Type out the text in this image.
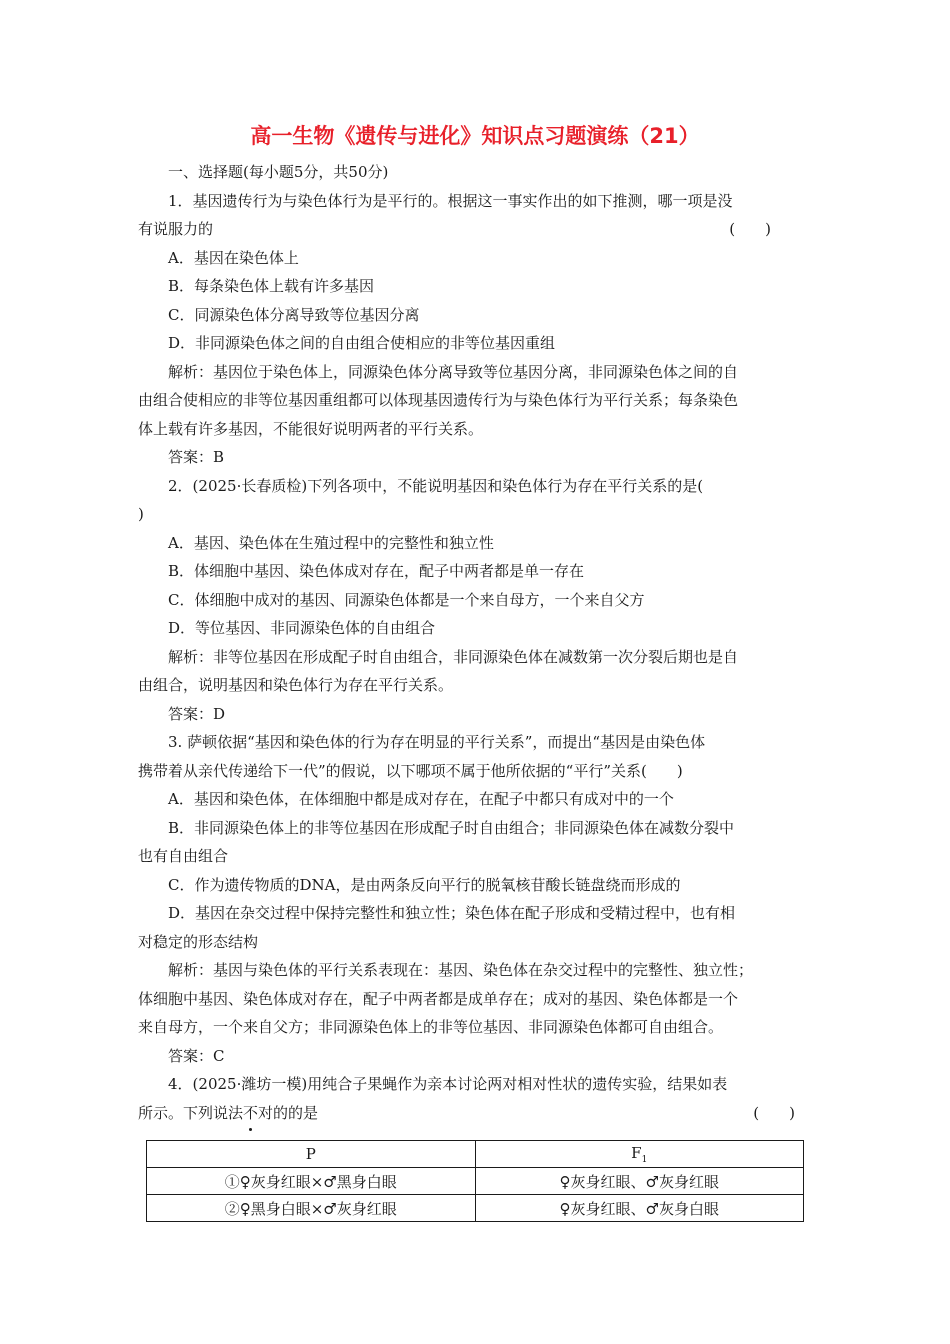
高一生物《遗传与进化》知识点习题演练（21）

一、选择题(每小题5分，共50分)

1．基因遗传行为与染色体行为是平行的。根据这一事实作出的如下推测，哪一项是没

有说服力的	(　　)

A．基因在染色体上

B．每条染色体上载有许多基因

C．同源染色体分离导致等位基因分离

D．非同源染色体之间的自由组合使相应的非等位基因重组

解析：基因位于染色体上，同源染色体分离导致等位基因分离，非同源染色体之间的自

由组合使相应的非等位基因重组都可以体现基因遗传行为与染色体行为平行关系；每条染色

体上载有许多基因，不能很好说明两者的平行关系。

答案：B

2．(2025·长春质检)下列各项中，不能说明基因和染色体行为存在平行关系的是(

)

A．基因、染色体在生殖过程中的完整性和独立性

B．体细胞中基因、染色体成对存在，配子中两者都是单一存在

C．体细胞中成对的基因、同源染色体都是一个来自母方，一个来自父方

D．等位基因、非同源染色体的自由组合

解析：非等位基因在形成配子时自由组合，非同源染色体在减数第一次分裂后期也是自

由组合，说明基因和染色体行为存在平行关系。

答案：D

3. 萨顿依据“基因和染色体的行为存在明显的平行关系”，而提出“基因是由染色体

携带着从亲代传递给下一代”的假说，以下哪项不属于他所依据的“平行”关系(　　)

A．基因和染色体，在体细胞中都是成对存在，在配子中都只有成对中的一个

B．非同源染色体上的非等位基因在形成配子时自由组合；非同源染色体在减数分裂中

也有自由组合

C．作为遗传物质的DNA，是由两条反向平行的脱氧核苷酸长链盘绕而形成的

D．基因在杂交过程中保持完整性和独立性；染色体在配子形成和受精过程中，也有相

对稳定的形态结构

解析：基因与染色体的平行关系表现在：基因、染色体在杂交过程中的完整性、独立性；

体细胞中基因、染色体成对存在，配子中两者都是成单存在；成对的基因、染色体都是一个

来自母方，一个来自父方；非同源染色体上的非等位基因、非同源染色体都可自由组合。

答案：C

4．(2025·潍坊一模)用纯合子果蝇作为亲本讨论两对相对性状的遗传实验，结果如表

所示。下列说法不对的的是	(　　)

P	$F_1$
①♀灰身红眼×♂黑身白眼	♀灰身红眼、♂灰身红眼
②♀黑身白眼×♂灰身红眼	♀灰身红眼、♂灰身白眼
